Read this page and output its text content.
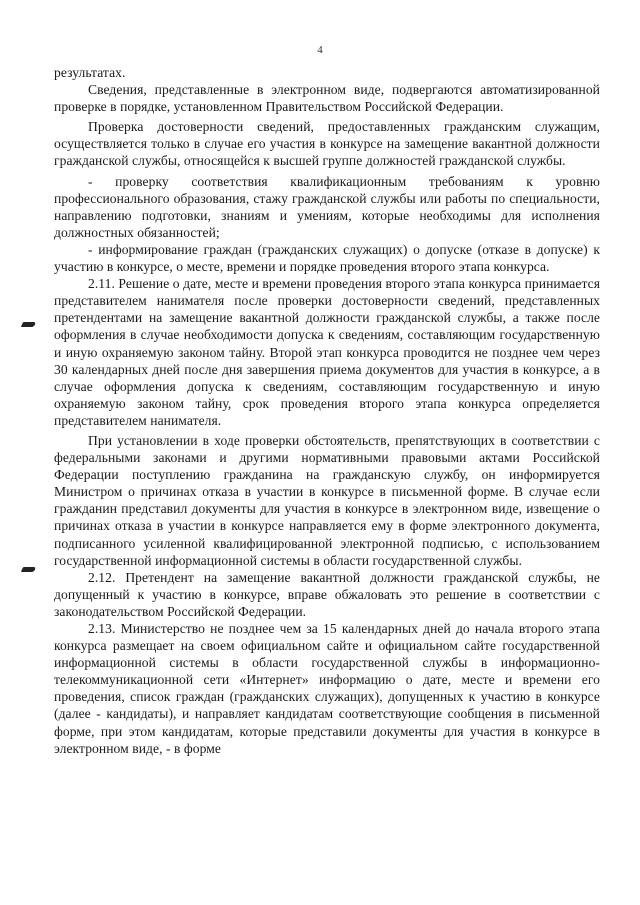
4

результатах.

Сведения, представленные в электронном виде, подвергаются автоматизированной проверке в порядке, установленном Правительством Российской Федерации.

Проверка достоверности сведений, предоставленных гражданским служащим, осуществляется только в случае его участия в конкурсе на замещение вакантной должности гражданской службы, относящейся к высшей группе должностей гражданской службы.

- проверку соответствия квалификационным требованиям к уровню профессионального образования, стажу гражданской службы или работы по специальности, направлению подготовки, знаниям и умениям, которые необходимы для исполнения должностных обязанностей;

- информирование граждан (гражданских служащих) о допуске (отказе в допуске) к участию в конкурсе, о месте, времени и порядке проведения второго этапа конкурса.

2.11. Решение о дате, месте и времени проведения второго этапа конкурса принимается представителем нанимателя после проверки достоверности сведений, представленных претендентами на замещение вакантной должности гражданской службы, а также после оформления в случае необходимости допуска к сведениям, составляющим государственную и иную охраняемую законом тайну. Второй этап конкурса проводится не позднее чем через 30 календарных дней после дня завершения приема документов для участия в конкурсе, а в случае оформления допуска к сведениям, составляющим государственную и иную охраняемую законом тайну, срок проведения второго этапа конкурса определяется представителем нанимателя.

При установлении в ходе проверки обстоятельств, препятствующих в соответствии с федеральными законами и другими нормативными правовыми актами Российской Федерации поступлению гражданина на гражданскую службу, он информируется Министром о причинах отказа в участии в конкурсе в письменной форме. В случае если гражданин представил документы для участия в конкурсе в электронном виде, извещение о причинах отказа в участии в конкурсе направляется ему в форме электронного документа, подписанного усиленной квалифицированной электронной подписью, с использованием государственной информационной системы в области государственной службы.

2.12. Претендент на замещение вакантной должности гражданской службы, не допущенный к участию в конкурсе, вправе обжаловать это решение в соответствии с законодательством Российской Федерации.

2.13. Министерство не позднее чем за 15 календарных дней до начала второго этапа конкурса размещает на своем официальном сайте и официальном сайте государственной информационной системы в области государственной службы в информационно-телекоммуникационной сети «Интернет» информацию о дате, месте и времени его проведения, список граждан (гражданских служащих), допущенных к участию в конкурсе (далее - кандидаты), и направляет кандидатам соответствующие сообщения в письменной форме, при этом кандидатам, которые представили документы для участия в конкурсе в электронном виде, - в форме
